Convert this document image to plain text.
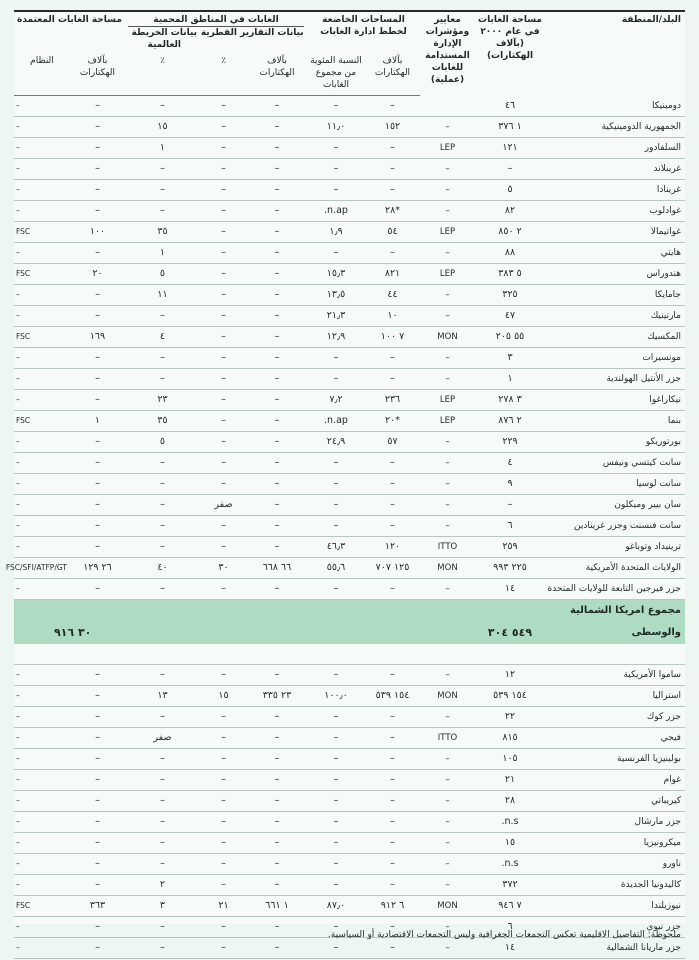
البلد/المنطقة	مساحة الغابات في عام ٢٠٠٠ (بآلاف الهكتارات)	معايير ومؤشرات الإدارة المستدامة للغابات (عملية)	المساحات الخاضعة لخطط ادارة الغابات		الغابات في المناطق المحمية
بيانات التقارير القطرية
بيانات الخريطة العالمية			مساحة الغابات المعتمدة	
			بآلاف الهكتارات	النسبة المئوية من مجموع الغابات	بآلاف الهكتارات	٪	٪	بآلاف الهكتارات	النظام
دومينيكا	٤٦		–	–	–	–	–	–	–
الجمهورية الدومينيكية	١ ٣٧٦	–	١٥٢	١١٫٠	–	–	١٥	–	–
السلفادور	١٢١	LEP	–	–	–	–	١	–	–
غرينلاند	–	–	–	–	–	–	–	–	–
غرينادا	٥	–	–	–	–	–	–	–	–
غوادلوب	٨٢	–	*٢٨	n.ap.	–	–	–	–	–
غواتيمالا	٢ ٨٥٠	LEP	٥٤	١٫٩	–	–	٣٥	١٠٠	FSC
هايتي	٨٨	–	–	–	–	–	١	–	–
هندوراس	٥ ٣٨٣	LEP	٨٢١	١٥٫٣	–	–	٥	٢٠	FSC
جامايكا	٣٢٥	–	٤٤	١٣٫٥	–	–	١١	–	–
مارتينيك	٤٧	–	١٠	٢١٫٣	–	–	–	–	–
المكسيك	٥٥ ٢٠٥	MON	٧ ١٠٠	١٢٫٩	–	–	٤	١٦٩	FSC
مونسيرات	٣	–	–	–	–	–	–	–	–
جزر الأنتيل الهولندية	١	–	–	–	–	–	–	–	–
نيكاراغوا	٣ ٢٧٨	LEP	٢٣٦	٧٫٢	–	–	٢٣	–	–
بنما	٢ ٨٧٦	LEP	*٢٠	n.ap.	–	–	٣٥	١	FSC
بورتوريكو	٢٢٩	–	٥٧	٢٤٫٩	–	–	٥	–	–
سانت كيتسي ونيفس	٤	–	–	–	–	–	–	–	–
سانت لوسيا	٩	–	–	–	–	–	–	–	–
سان بيير وميكلون	–	–	–	–	–	صفر	–	–	–
سانت فنسنت وجزر غرينادين	٦	–	–	–	–	–	–	–	–
ترينيداد وتوباغو	٢٥٩	ITTO	١٢٠	٤٦٫٣	–	–	–	–	–
الولايات المتحدة الأمريكية	٢٢٥ ٩٩٣	MON	١٢٥ ٧٠٧	٥٥٫٦	٦٦ ٦٦٨	٣٠	٤٠	٢٦ ١٢٩	FSC/SFI/ATFP/GT
جزر فيرجين التابعة للولايات المتحدة	١٤	–	–	–	–	–	–	–	–
مجموع امريكا الشمالية									
والوسطى	٥٤٩ ٣٠٤							٣٠ ٩١٦	

ساموا الأمريكية	١٢	–	–	–	–	–	–	–	–
استراليا	١٥٤ ٥٣٩	MON	١٥٤ ٥٣٩	١٠٠٫٠	٢٣ ٣٣٥	١٥	١٣	–	–
جزر كوك	٢٢	–	–	–	–	–	–	–	–
فيجي	٨١٥	ITTO	–	–	–	–	صفر	–	–
بولينيزيا الفرنسية	١٠٥	–	–	–	–	–	–	–	–
غوام	٢١	–	–	–	–	–	–	–	–
كيريباتي	٢٨	–	–	–	–	–	–	–	–
جزر مارشال	n.s.	–	–	–	–	–	–	–	–
ميكرونيزيا	١٥	–	–	–	–	–	–	–	–
ناورو	n.s.	–	–	–	–	–	–	–	–
كاليدونيا الجديدة	٣٧٢	–	–	–	–	–	٢	–	–
نيوزيلندا	٧ ٩٤٦	MON	٦ ٩١٢	٨٧٫٠	١ ٦٦١	٢١	٣	٣٦٣	FSC
جزر نيوي	٦	–	–	–	–	–	–	–	–
جزر ماريانا الشمالية	١٤	–	–	–	–	–	–	–	–
ملحوظة: التفاصيل الاقليمية تعكس التجمعات الجغرافية وليس التجمعات الاقتصادية أو السياسية.
